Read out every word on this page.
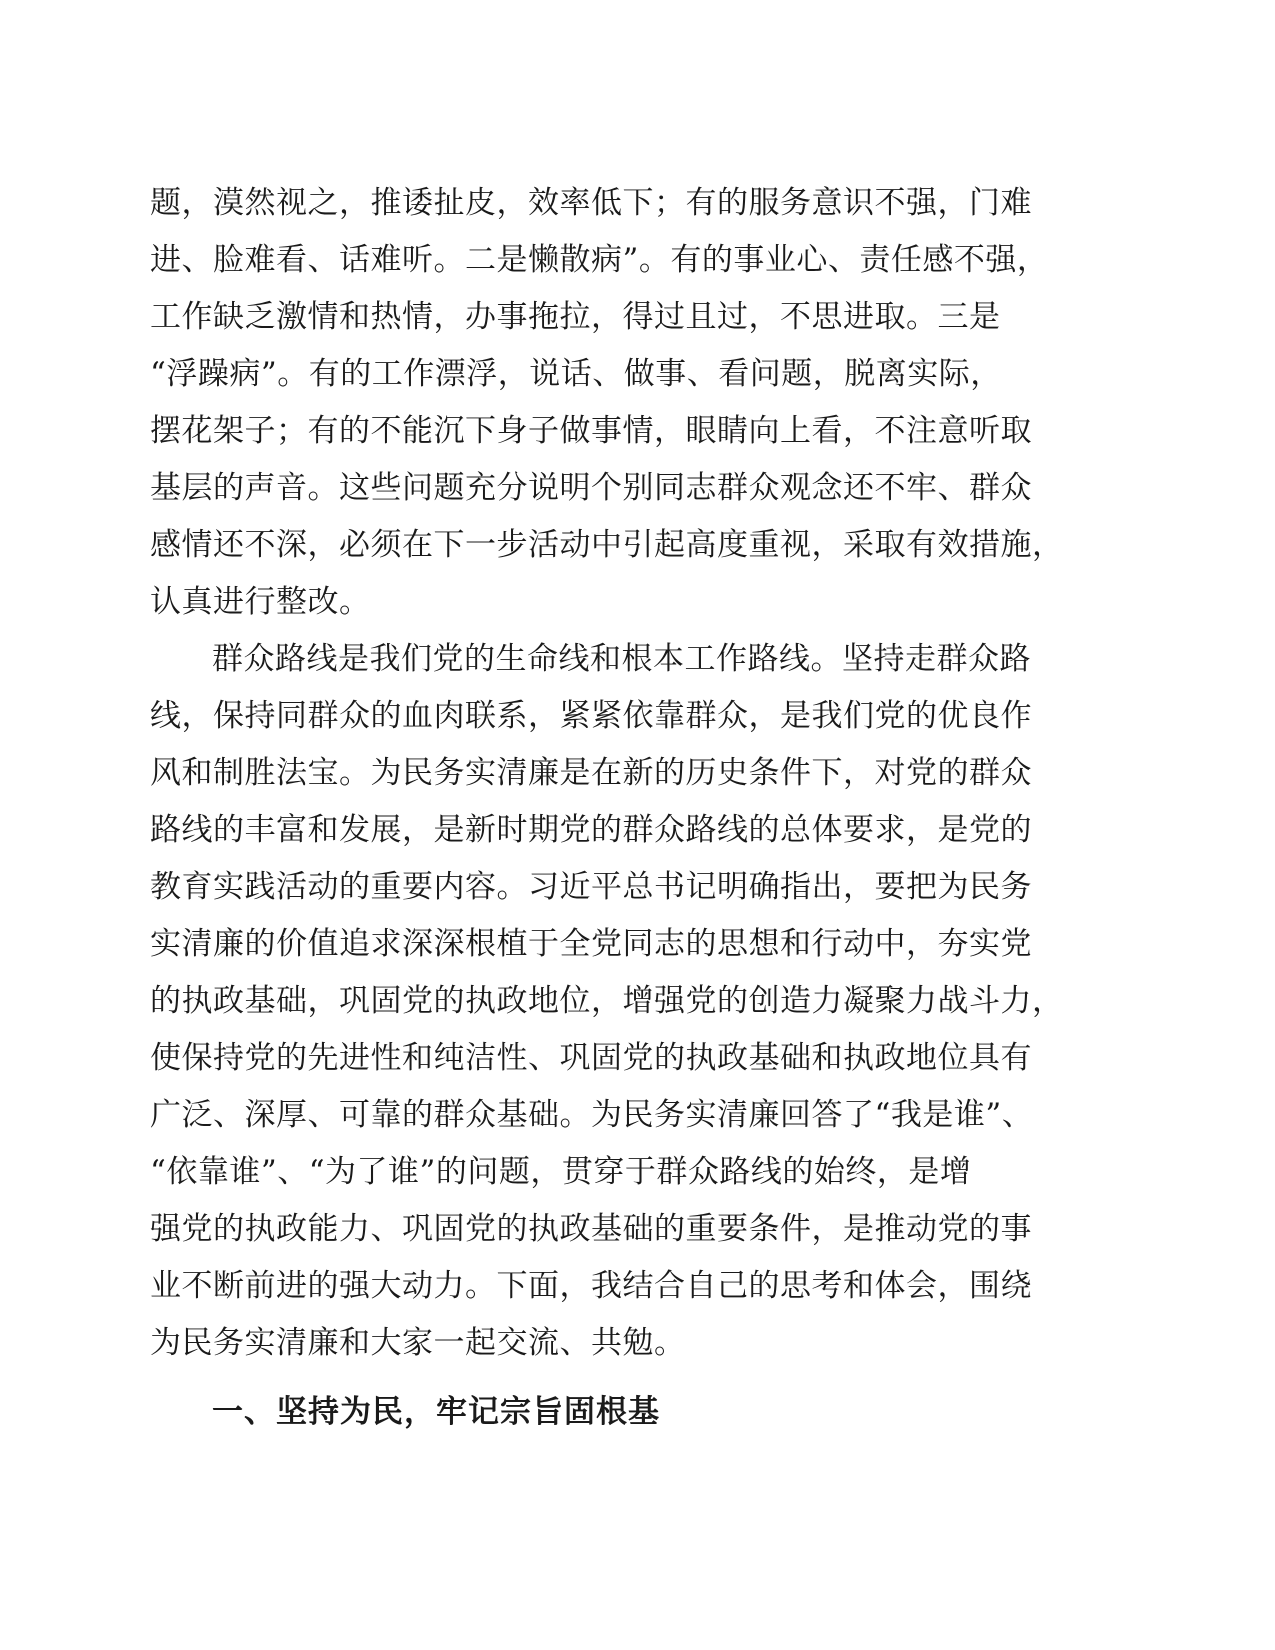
题，漠然视之，推诿扯皮，效率低下；有的服务意识不强，门难
进、脸难看、话难听。二是懒散病”。有的事业心、责任感不强，
工作缺乏激情和热情，办事拖拉，得过且过，不思进取。三是
“浮躁病”。有的工作漂浮，说话、做事、看问题，脱离实际，
摆花架子；有的不能沉下身子做事情，眼睛向上看，不注意听取
基层的声音。这些问题充分说明个别同志群众观念还不牢、群众
感情还不深，必须在下一步活动中引起高度重视，采取有效措施，
认真进行整改。
群众路线是我们党的生命线和根本工作路线。坚持走群众路
线，保持同群众的血肉联系，紧紧依靠群众，是我们党的优良作
风和制胜法宝。为民务实清廉是在新的历史条件下，对党的群众
路线的丰富和发展，是新时期党的群众路线的总体要求，是党的
教育实践活动的重要内容。习近平总书记明确指出，要把为民务
实清廉的价值追求深深根植于全党同志的思想和行动中，夯实党
的执政基础，巩固党的执政地位，增强党的创造力凝聚力战斗力，
使保持党的先进性和纯洁性、巩固党的执政基础和执政地位具有
广泛、深厚、可靠的群众基础。为民务实清廉回答了“我是谁”、
“依靠谁”、“为了谁”的问题，贯穿于群众路线的始终，是增
强党的执政能力、巩固党的执政基础的重要条件，是推动党的事
业不断前进的强大动力。下面，我结合自己的思考和体会，围绕
为民务实清廉和大家一起交流、共勉。
一、坚持为民，牢记宗旨固根基
